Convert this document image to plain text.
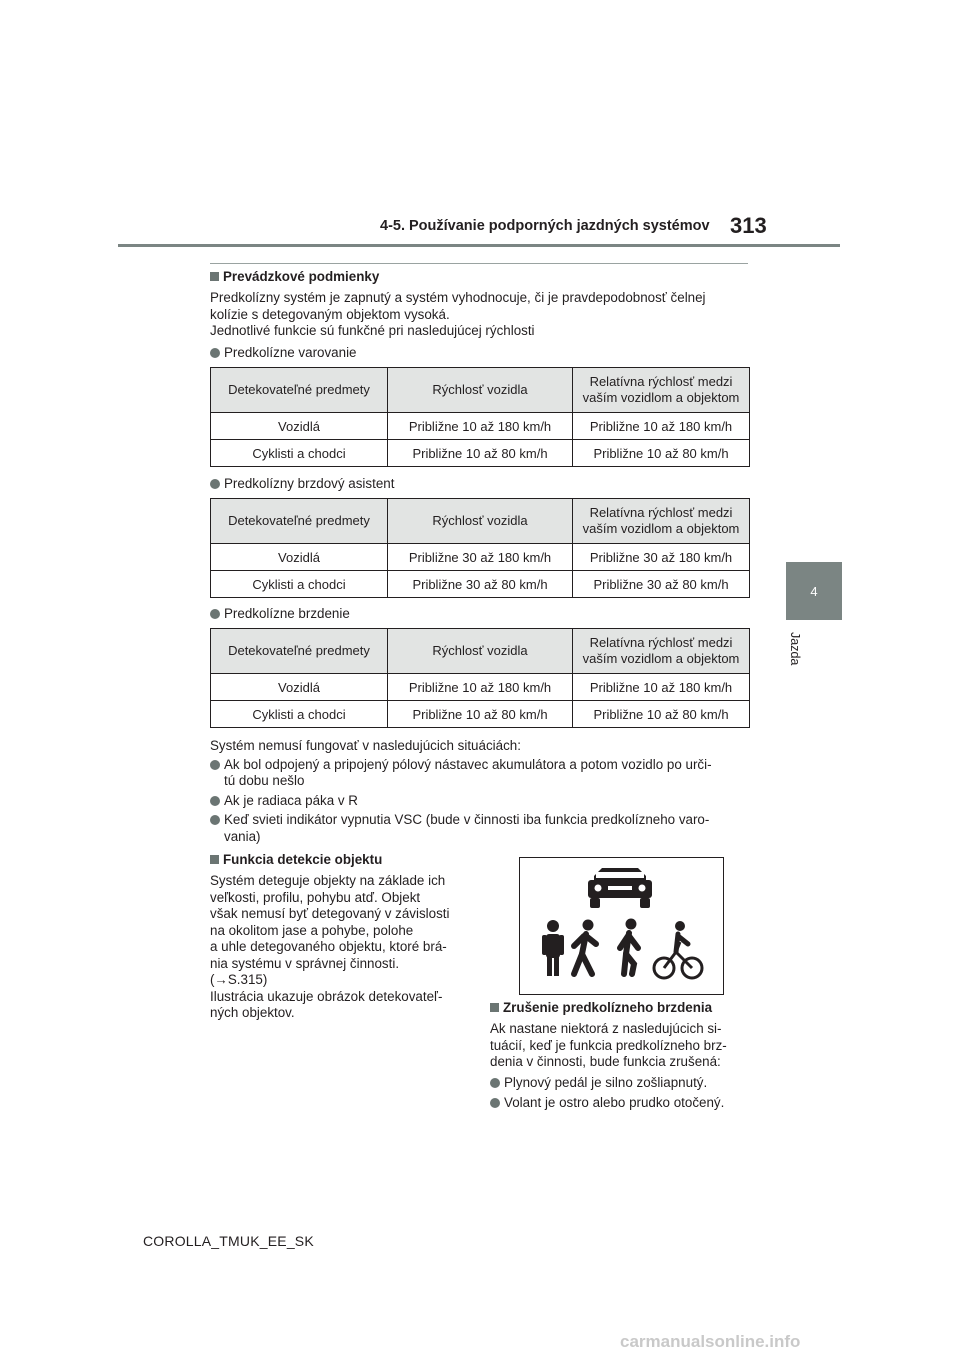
4-5. Používanie podporných jazdných systémov 313
4
Jazda
Prevádzkové podmienky
Predkolízny systém je zapnutý a systém vyhodnocuje, či je pravdepodobnosť čelnej
kolízie s detegovaným objektom vysoká.
Jednotlivé funkcie sú funkčné pri nasledujúcej rýchlosti
Predkolízne varovanie
Detekovateľné predmety	Rýchlosť vozidla	Relatívna rýchlosť medzi vaším vozidlom a objektom
Vozidlá	Približne 10 až 180 km/h	Približne 10 až 180 km/h
Cyklisti a chodci	Približne 10 až 80 km/h	Približne 10 až 80 km/h
Predkolízny brzdový asistent
Detekovateľné predmety	Rýchlosť vozidla	Relatívna rýchlosť medzi vaším vozidlom a objektom
Vozidlá	Približne 30 až 180 km/h	Približne 30 až 180 km/h
Cyklisti a chodci	Približne 30 až 80 km/h	Približne 30 až 80 km/h
Predkolízne brzdenie
Detekovateľné predmety	Rýchlosť vozidla	Relatívna rýchlosť medzi vaším vozidlom a objektom
Vozidlá	Približne 10 až 180 km/h	Približne 10 až 180 km/h
Cyklisti a chodci	Približne 10 až 80 km/h	Približne 10 až 80 km/h
Systém nemusí fungovať v nasledujúcich situáciách:
Ak bol odpojený a pripojený pólový nástavec akumulátora a potom vozidlo po urči-
tú dobu nešlo
Ak je radiaca páka v R
Keď svieti indikátor vypnutia VSC (bude v činnosti iba funkcia predkolízneho varo-
vania)
Funkcia detekcie objektu
Systém deteguje objekty na základe ich
veľkosti, profilu, pohybu atď. Objekt
však nemusí byť detegovaný v závislosti
na okolitom jase a pohybe, polohe
a uhle detegovaného objektu, ktoré brá-
nia systému v správnej činnosti.
(→S.315)
Ilustrácia ukazuje obrázok detekovateľ-
ných objektov.	Zrušenie predkolízneho brzdenia
Ak nastane niektorá z nasledujúcich si-
tuácií, keď je funkcia predkolízneho brz-
denia v činnosti, bude funkcia zrušená:
Plynový pedál je silno zošliapnutý.
Volant je ostro alebo prudko otočený.
COROLLA_TMUK_EE_SK
carmanualsonline.info
